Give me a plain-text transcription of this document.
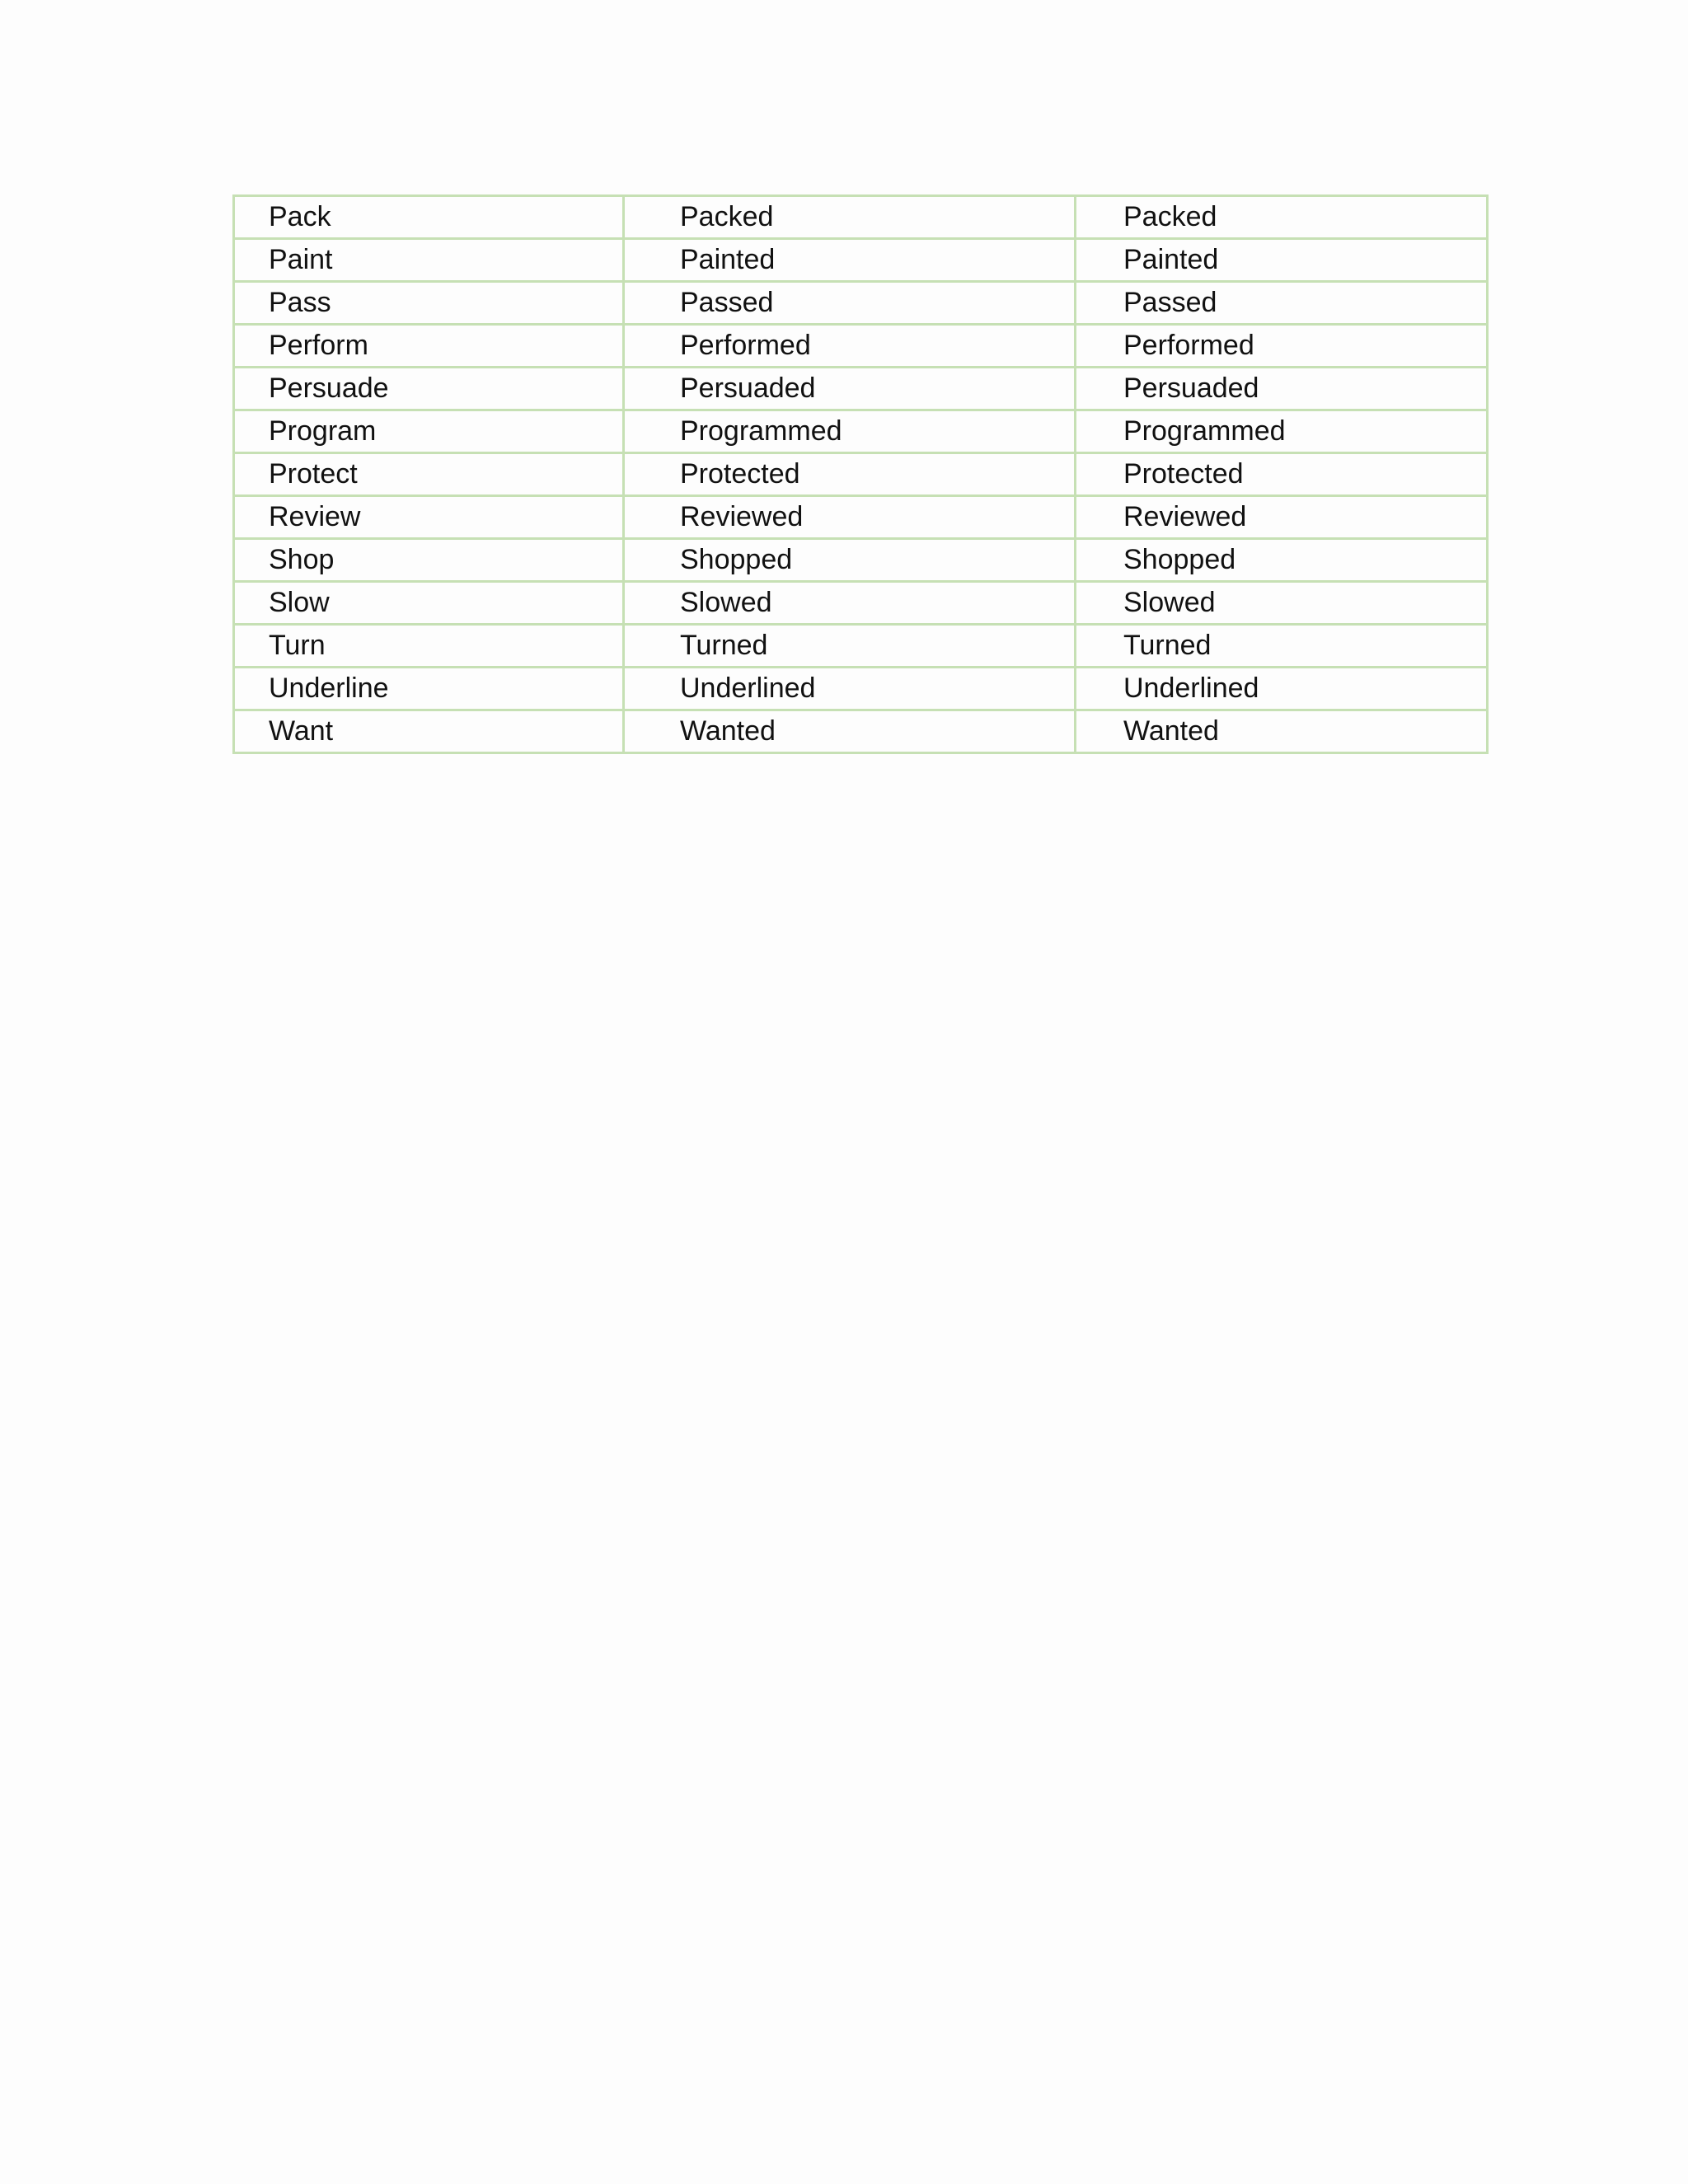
Pack	Packed	Packed
Paint	Painted	Painted
Pass	Passed	Passed
Perform	Performed	Performed
Persuade	Persuaded	Persuaded
Program	Programmed	Programmed
Protect	Protected	Protected
Review	Reviewed	Reviewed
Shop	Shopped	Shopped
Slow	Slowed	Slowed
Turn	Turned	Turned
Underline	Underlined	Underlined
Want	Wanted	Wanted
